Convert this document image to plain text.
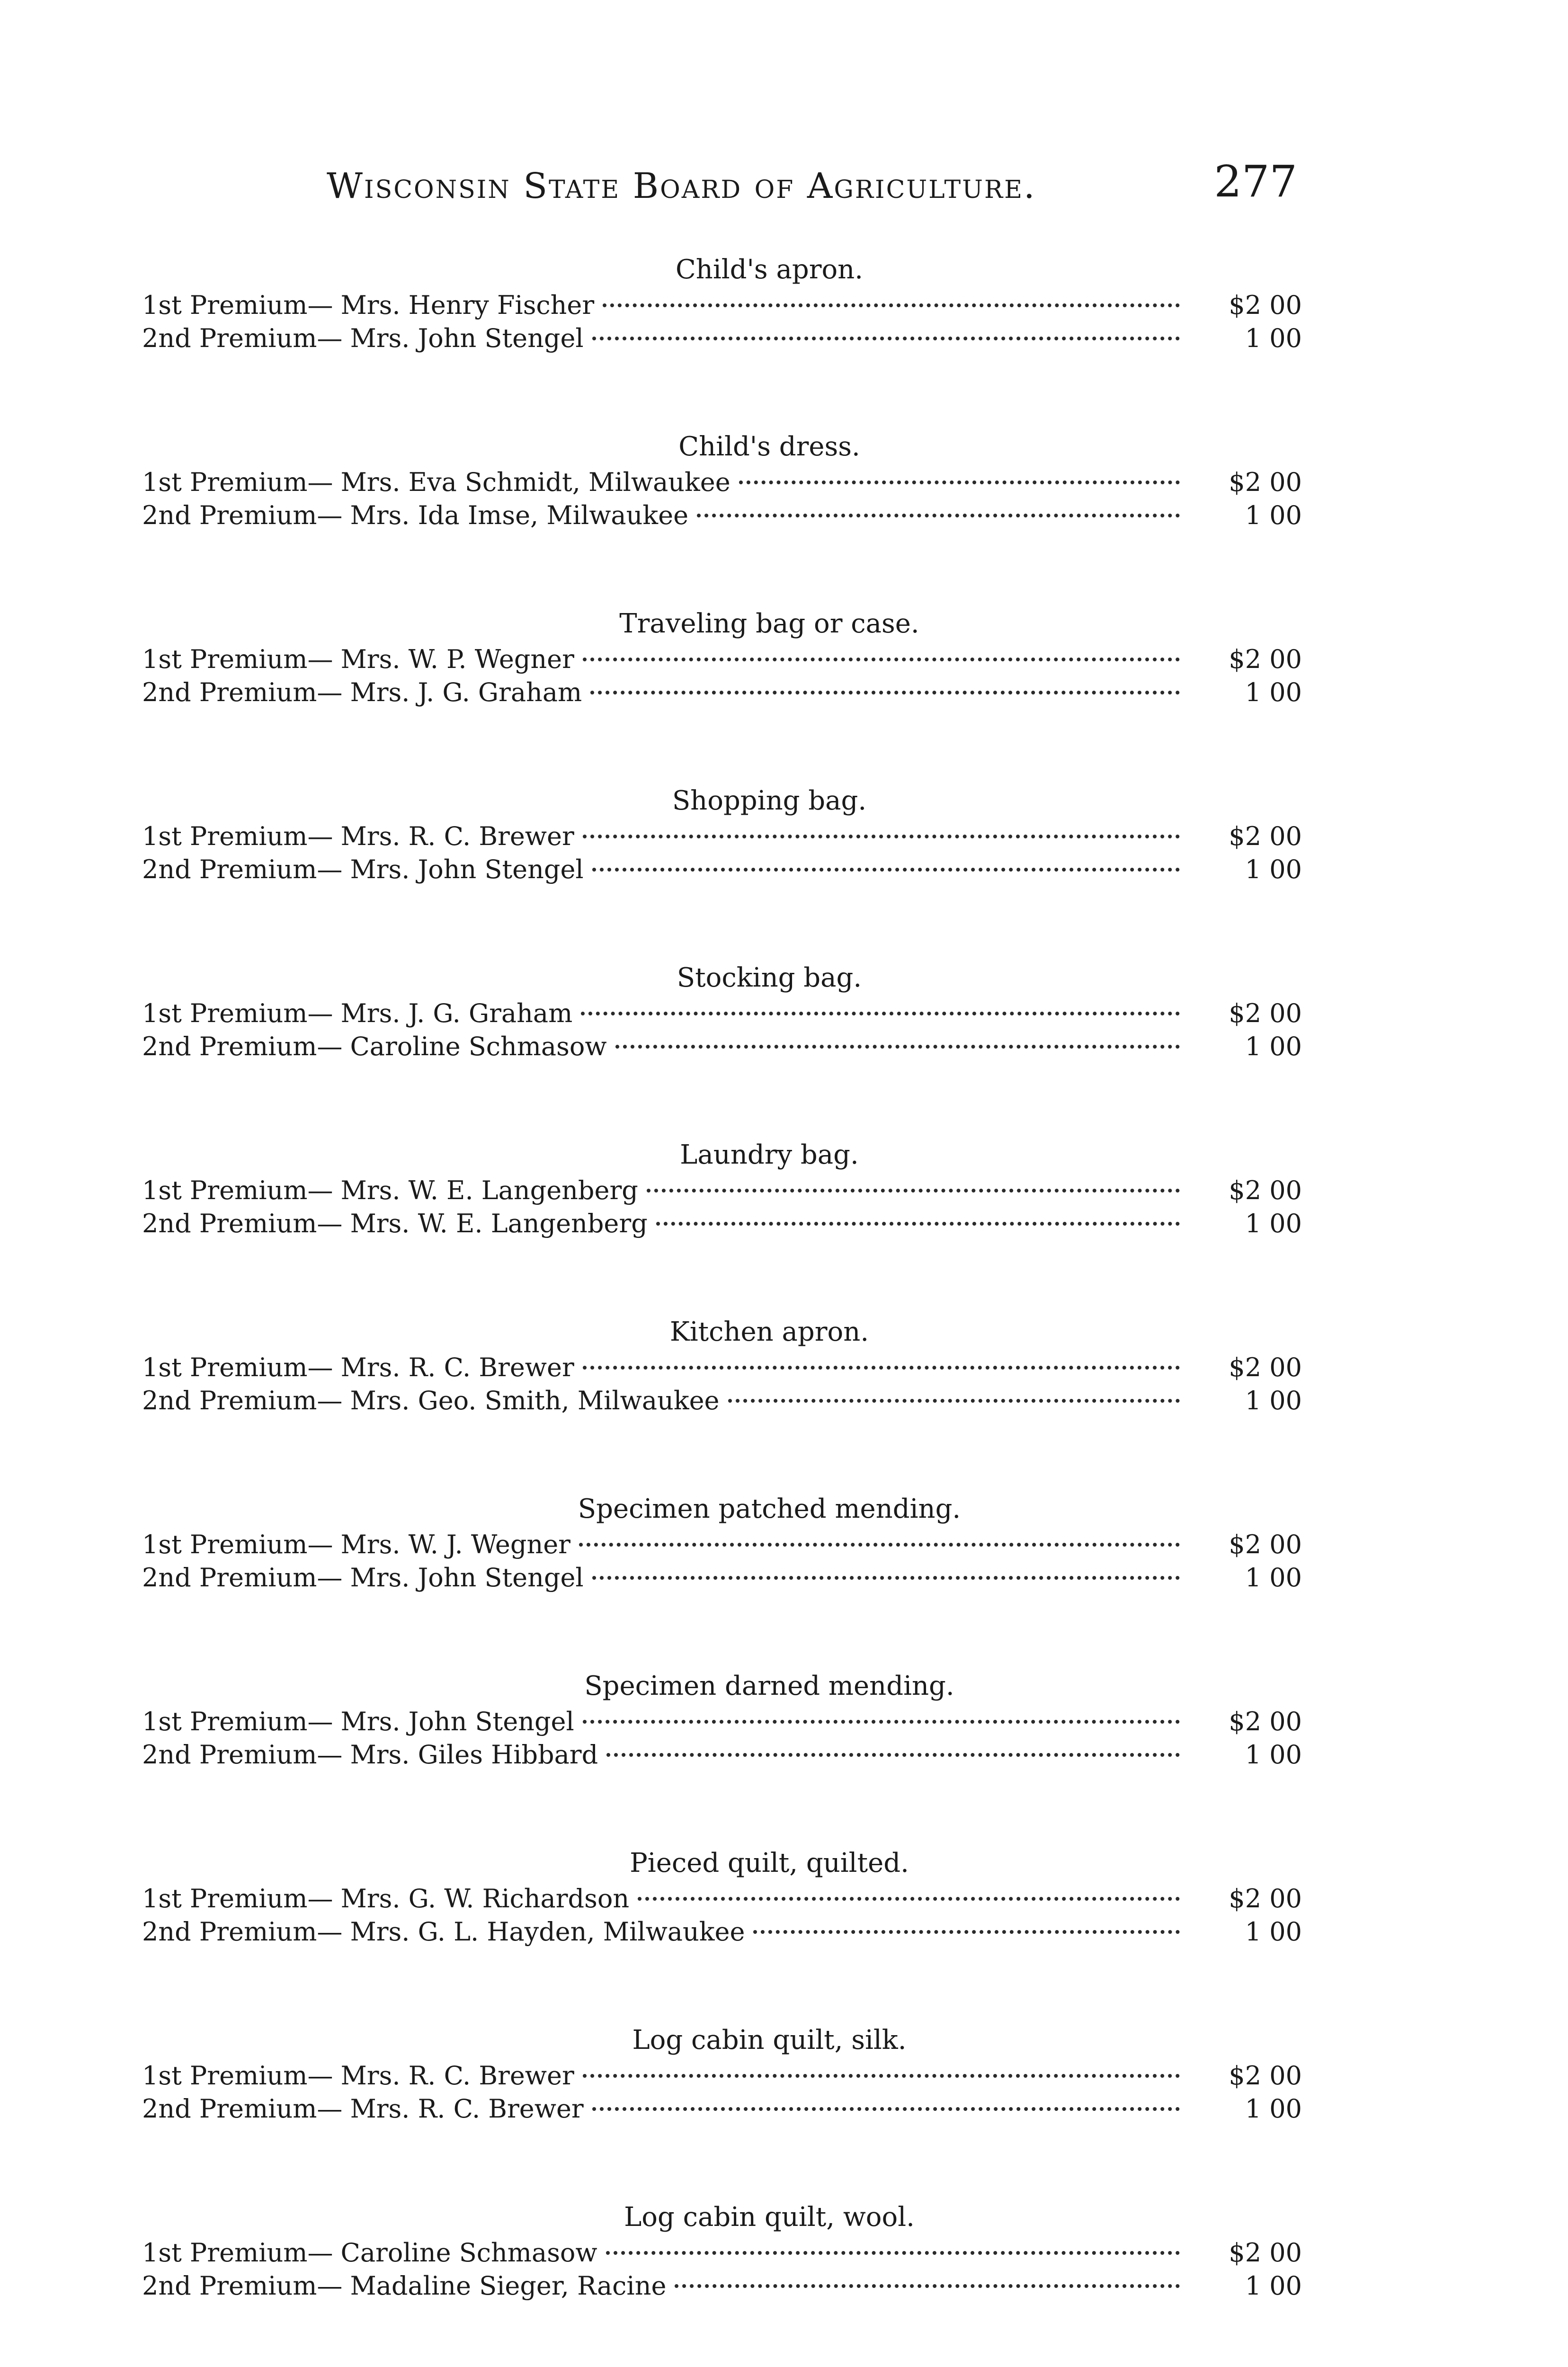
Wisconsin State Board of Agriculture.	277
Child's apron.
1st Premium— Mrs. Henry Fischer	$2 00
2nd Premium— Mrs. John Stengel	1 00
Child's dress.
1st Premium— Mrs. Eva Schmidt, Milwaukee	$2 00
2nd Premium— Mrs. Ida Imse, Milwaukee	1 00
Traveling bag or case.
1st Premium— Mrs. W. P. Wegner	$2 00
2nd Premium— Mrs. J. G. Graham	1 00
Shopping bag.
1st Premium— Mrs. R. C. Brewer	$2 00
2nd Premium— Mrs. John Stengel	1 00
Stocking bag.
1st Premium— Mrs. J. G. Graham	$2 00
2nd Premium— Caroline Schmasow	1 00
Laundry bag.
1st Premium— Mrs. W. E. Langenberg	$2 00
2nd Premium— Mrs. W. E. Langenberg	1 00
Kitchen apron.
1st Premium— Mrs. R. C. Brewer	$2 00
2nd Premium— Mrs. Geo. Smith, Milwaukee	1 00
Specimen patched mending.
1st Premium— Mrs. W. J. Wegner	$2 00
2nd Premium— Mrs. John Stengel	1 00
Specimen darned mending.
1st Premium— Mrs. John Stengel	$2 00
2nd Premium— Mrs. Giles Hibbard	1 00
Pieced quilt, quilted.
1st Premium— Mrs. G. W. Richardson	$2 00
2nd Premium— Mrs. G. L. Hayden, Milwaukee	1 00
Log cabin quilt, silk.
1st Premium— Mrs. R. C. Brewer	$2 00
2nd Premium— Mrs. R. C. Brewer	1 00
Log cabin quilt, wool.
1st Premium— Caroline Schmasow	$2 00
2nd Premium— Madaline Sieger, Racine	1 00
